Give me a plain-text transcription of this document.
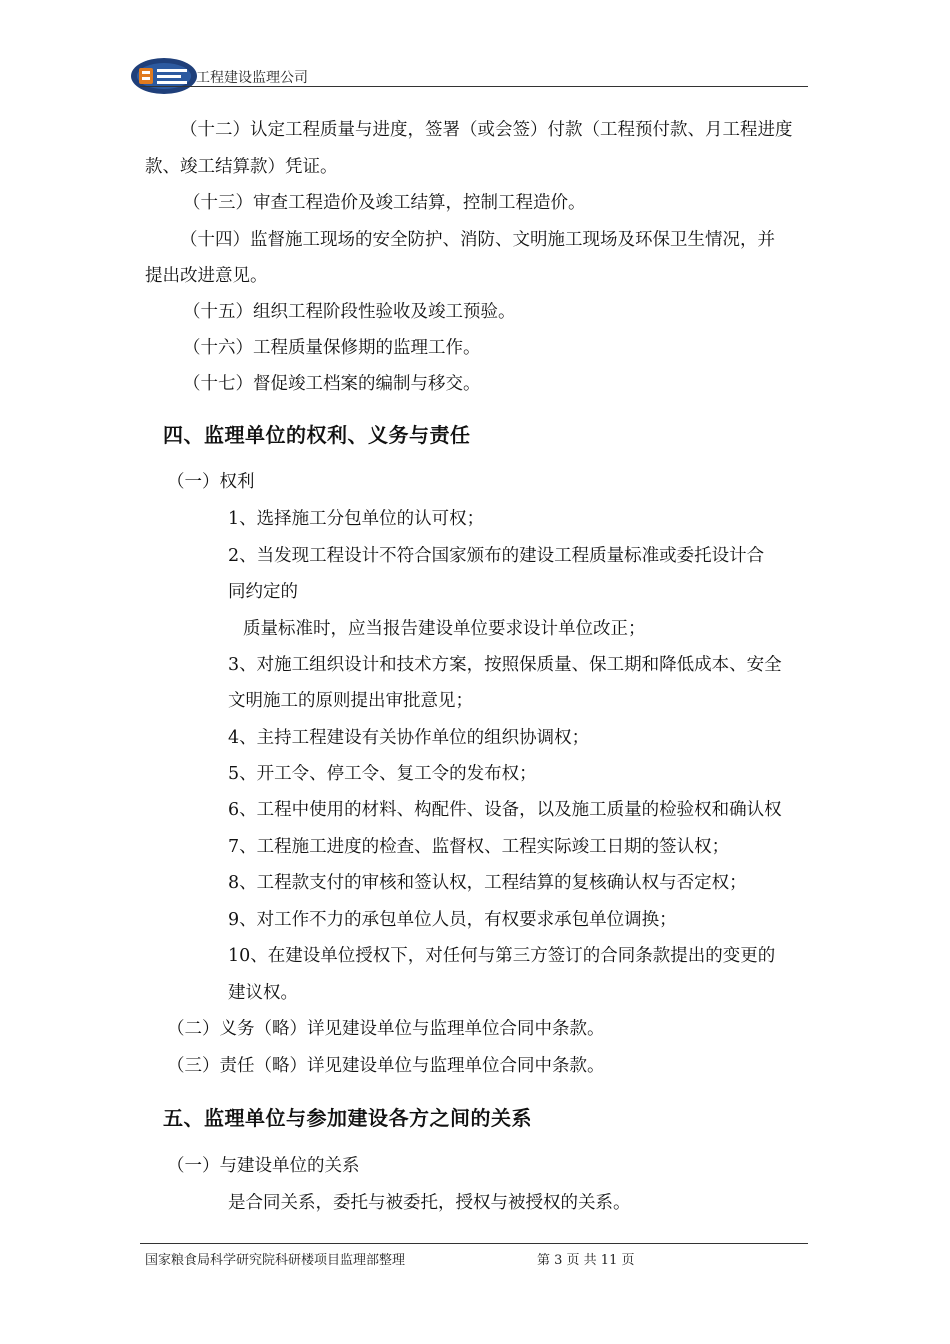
工程建设监理公司
（十二）认定工程质量与进度，签署（或会签）付款（工程预付款、月工程进度
款、竣工结算款）凭证。
（十三）审查工程造价及竣工结算，控制工程造价。
（十四）监督施工现场的安全防护、消防、文明施工现场及环保卫生情况，并
提出改进意见。
（十五）组织工程阶段性验收及竣工预验。
（十六）工程质量保修期的监理工作。
（十七）督促竣工档案的编制与移交。
四、监理单位的权利、义务与责任
（一）权利
1、选择施工分包单位的认可权；
2、当发现工程设计不符合国家颁布的建设工程质量标准或委托设计合
同约定的
质量标准时，应当报告建设单位要求设计单位改正；
3、对施工组织设计和技术方案，按照保质量、保工期和降低成本、安全
文明施工的原则提出审批意见；
4、主持工程建设有关协作单位的组织协调权；
5、开工令、停工令、复工令的发布权；
6、工程中使用的材料、构配件、设备，以及施工质量的检验权和确认权
7、工程施工进度的检查、监督权、工程实际竣工日期的签认权；
8、工程款支付的审核和签认权，工程结算的复核确认权与否定权；
9、对工作不力的承包单位人员，有权要求承包单位调换；
10、在建设单位授权下，对任何与第三方签订的合同条款提出的变更的
建议权。
（二）义务（略）详见建设单位与监理单位合同中条款。
（三）责任（略）详见建设单位与监理单位合同中条款。
五、监理单位与参加建设各方之间的关系
（一）与建设单位的关系
是合同关系，委托与被委托，授权与被授权的关系。
国家粮食局科学研究院科研楼项目监理部整理	第 3 页 共 11 页
